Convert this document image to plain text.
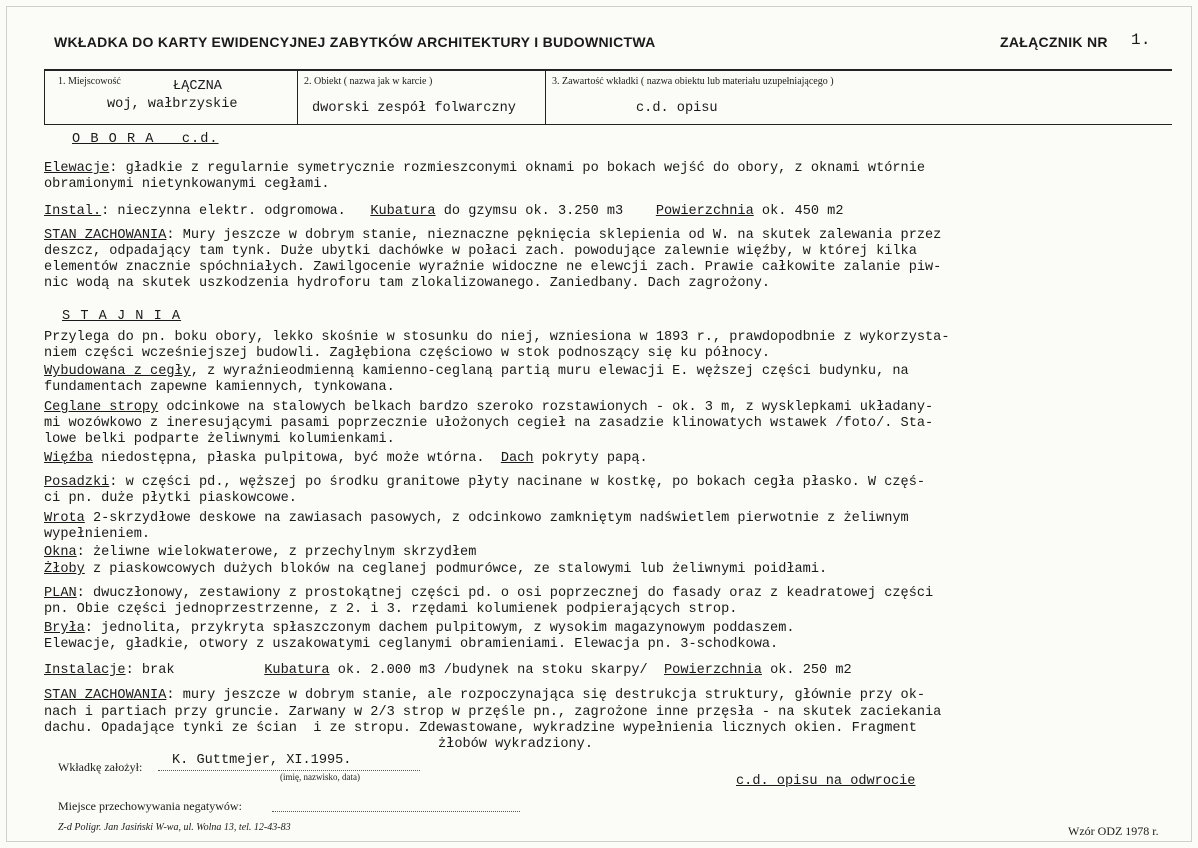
WKŁADKA DO KARTY EWIDENCYJNEJ ZABYTKÓW ARCHITEKTURY I BUDOWNICTWA	ZAŁĄCZNIK NR 1.
1. Miejscowość	ŁĄCZNA
woj, wałbrzyskie
2. Obiekt ( nazwa jak w karcie )
dworski zespół folwarczny
3. Zawartość wkładki ( nazwa obiektu lub materiału uzupełniającego )
c.d. opisu
O B O R A   c.d.
Elewacje: gładkie z regularnie symetrycznie rozmieszconymi oknami po bokach wejść do obory, z oknami wtórnie
obramionymi nietynkowanymi cegłami.
Instal.: nieczynna elektr. odgromowa.   Kubatura do gzymsu ok. 3.250 m3    Powierzchnia ok. 450 m2
STAN ZACHOWANIA: Mury jeszcze w dobrym stanie, nieznaczne pęknięcia sklepienia od W. na skutek zalewania przez
deszcz, odpadający tam tynk. Duże ubytki dachówke w połaci zach. powodujące zalewnie więźby, w której kilka
elementów znacznie spóchniałych. Zawilgocenie wyraźnie widoczne ne elewcji zach. Prawie całkowite zalanie piw-
nic wodą na skutek uszkodzenia hydroforu tam zlokalizowanego. Zaniedbany. Dach zagrożony.
S T A J N I A
Przylega do pn. boku obory, lekko skośnie w stosunku do niej, wzniesiona w 1893 r., prawdopodbnie z wykorzysta-
niem części wcześniejszej budowli. Zagłębiona częściowo w stok podnoszący się ku północy.
Wybudowana z cegły, z wyraźnieodmienną kamienno-ceglaną partią muru elewacji E. węższej części budynku, na
fundamentach zapewne kamiennych, tynkowana.
Ceglane stropy odcinkowe na stalowych belkach bardzo szeroko rozstawionych - ok. 3 m, z wysklepkami układany-
mi wozówkowo z ineresującymi pasami poprzecznie ułożonych cegieł na zasadzie klinowatych wstawek /foto/. Sta-
lowe belki podparte żeliwnymi kolumienkami.
Więźba niedostępna, płaska pulpitowa, być może wtórna.  Dach pokryty papą.
Posadzki: w części pd., węższej po środku granitowe płyty nacinane w kostkę, po bokach cegła płasko. W częś-
ci pn. duże płytki piaskowcowe.
Wrota 2-skrzydłowe deskowe na zawiasach pasowych, z odcinkowo zamkniętym nadświetlem pierwotnie z żeliwnym
wypełnieniem.
Okna: żeliwne wielokwaterowe, z przechylnym skrzydłem
Żłoby z piaskowcowych dużych bloków na ceglanej podmurówce, ze stalowymi lub żeliwnymi poidłami.
PLAN: dwuczłonowy, zestawiony z prostokątnej części pd. o osi poprzecznej do fasady oraz z keadratowej części
pn. Obie części jednoprzestrzenne, z 2. i 3. rzędami kolumienek podpierających strop.
Bryła: jednolita, przykryta spłaszczonym dachem pulpitowym, z wysokim magazynowym poddaszem.
Elewacje, gładkie, otwory z uszakowatymi ceglanymi obramieniami. Elewacja pn. 3-schodkowa.
Instalacje: brak           Kubatura ok. 2.000 m3 /budynek na stoku skarpy/  Powierzchnia ok. 250 m2
STAN ZACHOWANIA: mury jeszcze w dobrym stanie, ale rozpoczynająca się destrukcja struktury, głównie przy ok-
nach i partiach przy gruncie. Zarwany w 2/3 strop w przęśle pn., zagrożone inne przęsła - na skutek zaciekania
dachu. Opadające tynki ze ścian  i ze stropu. Zdewastowane, wykradzine wypełnienia licznych okien. Fragment
żłobów wykradziony.
Wkładkę założył: K. Guttmejer, XI.1995.
(imię, nazwisko, data)	c.d. opisu na odwrocie
Miejsce przechowywania negatywów:
Z-d Poligr. Jan Jasiński W-wa, ul. Wolna 13, tel. 12-43-83	Wzór ODZ 1978 r.
